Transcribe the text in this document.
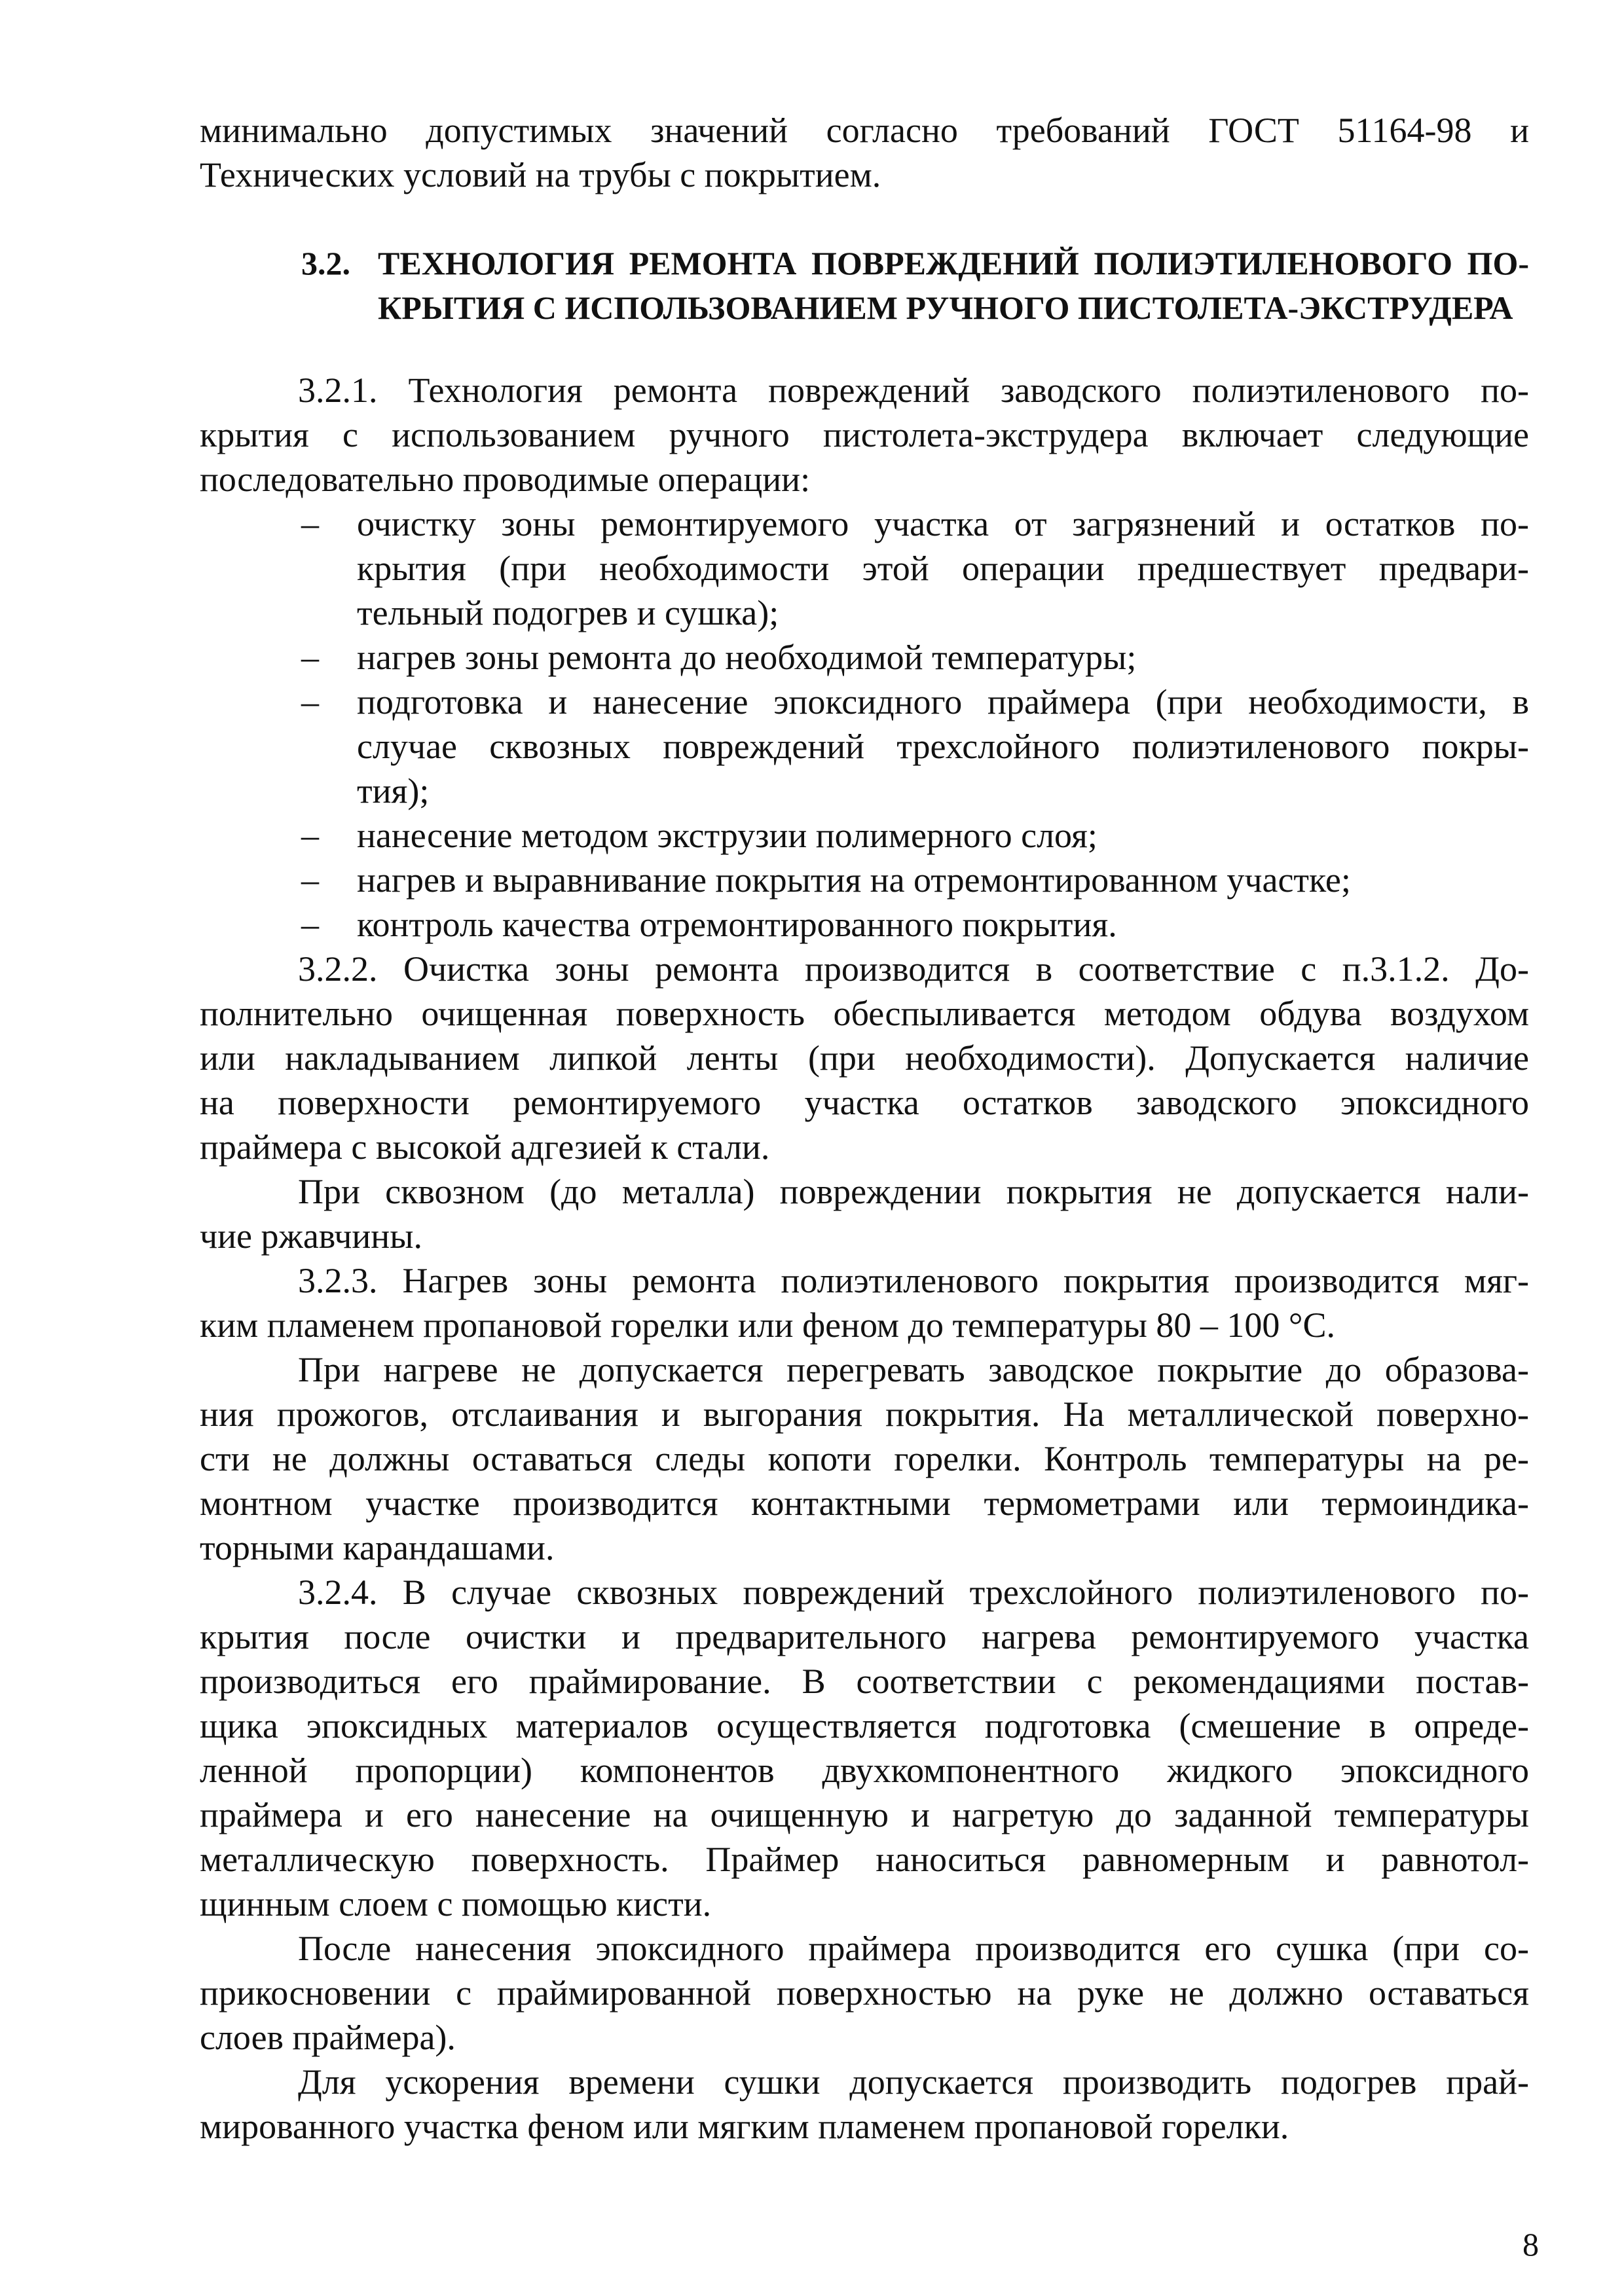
минимально допустимых значений согласно требований ГОСТ 51164-98 и
Технических условий на трубы с покрытием.
3.2. ТЕХНОЛОГИЯ РЕМОНТА ПОВРЕЖДЕНИЙ ПОЛИЭТИЛЕНОВОГО ПО-
КРЫТИЯ С ИСПОЛЬЗОВАНИЕМ РУЧНОГО ПИСТОЛЕТА-ЭКСТРУДЕРА
3.2.1. Технология ремонта повреждений заводского полиэтиленового по-
крытия с использованием ручного пистолета-экструдера включает следующие
последовательно проводимые операции:
– очистку зоны ремонтируемого участка от загрязнений и остатков по-
крытия (при необходимости этой операции предшествует предвари-
тельный подогрев и сушка);
– нагрев зоны ремонта до необходимой температуры;
– подготовка и нанесение эпоксидного праймера (при необходимости, в
случае сквозных повреждений трехслойного полиэтиленового покры-
тия);
– нанесение методом экструзии полимерного слоя;
– нагрев и выравнивание покрытия на отремонтированном участке;
– контроль качества отремонтированного покрытия.
3.2.2. Очистка зоны ремонта производится в соответствие с п.3.1.2. До-
полнительно очищенная поверхность обеспыливается методом обдува воздухом
или накладыванием липкой ленты (при необходимости). Допускается наличие
на поверхности ремонтируемого участка остатков заводского эпоксидного
праймера с высокой адгезией к стали.
При сквозном (до металла) повреждении покрытия не допускается нали-
чие ржавчины.
3.2.3. Нагрев зоны ремонта полиэтиленового покрытия производится мяг-
ким пламенем пропановой горелки или феном до температуры 80 – 100 °С.
При нагреве не допускается перегревать заводское покрытие до образова-
ния прожогов, отслаивания и выгорания покрытия. На металлической поверхно-
сти не должны оставаться следы копоти горелки. Контроль температуры на ре-
монтном участке производится контактными термометрами или термоиндика-
торными карандашами.
3.2.4. В случае сквозных повреждений трехслойного полиэтиленового по-
крытия после очистки и предварительного нагрева ремонтируемого участка
производиться его праймирование. В соответствии с рекомендациями постав-
щика эпоксидных материалов осуществляется подготовка (смешение в опреде-
ленной пропорции) компонентов двухкомпонентного жидкого эпоксидного
праймера и его нанесение на очищенную и нагретую до заданной температуры
металлическую поверхность. Праймер наноситься равномерным и равнотол-
щинным слоем с помощью кисти.
После нанесения эпоксидного праймера производится его сушка (при со-
прикосновении с праймированной поверхностью на руке не должно оставаться
слоев праймера).
Для ускорения времени сушки допускается производить подогрев прай-
мированного участка феном или мягким пламенем пропановой горелки.
8
